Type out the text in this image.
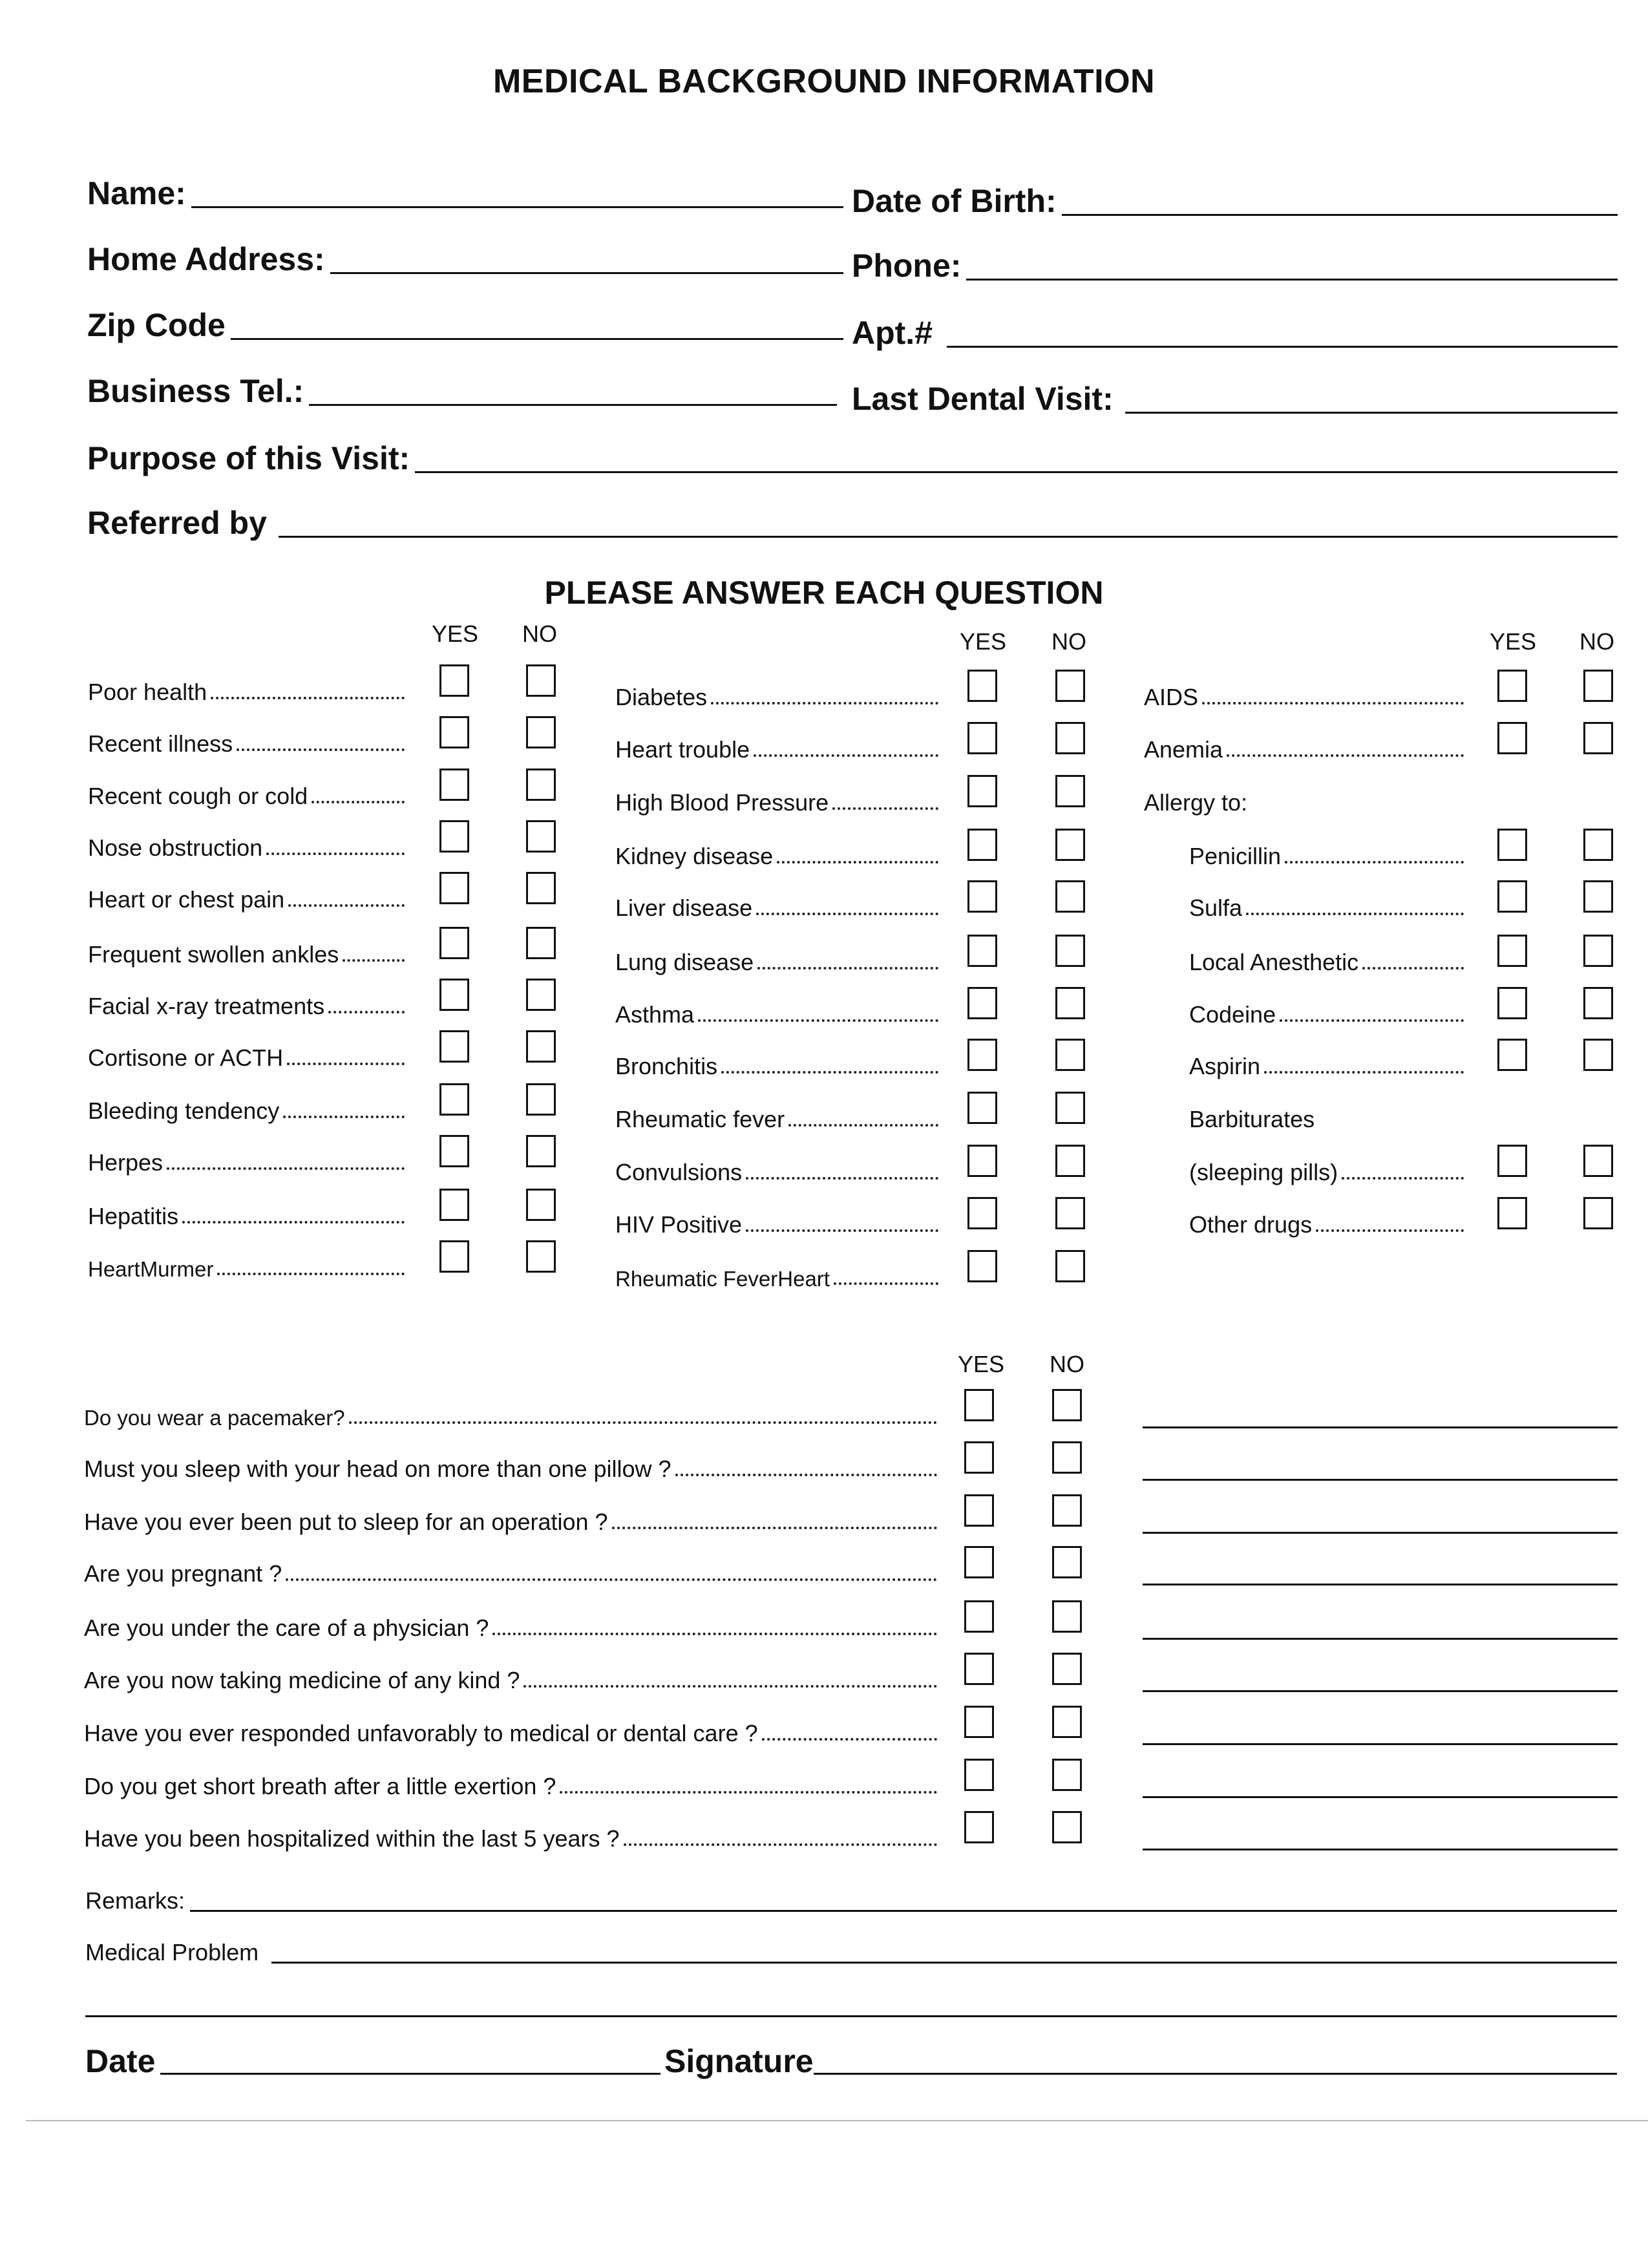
MEDICAL BACKGROUND INFORMATION
Name:	Date of Birth:
Home Address:	Phone:
Zip Code	Apt.#
Business Tel.:	Last Dental Visit:
Purpose of this Visit:
Referred by
PLEASE ANSWER EACH QUESTION
YES NO
Poor health
Recent illness
Recent cough or cold
Nose obstruction
Heart or chest pain
Frequent swollen ankles
Facial x-ray treatments
Cortisone or ACTH
Bleeding tendency
Herpes
Hepatitis
HeartMurmer
YES NO
Diabetes
Heart trouble
High Blood Pressure
Kidney disease
Liver disease
Lung disease
Asthma
Bronchitis
Rheumatic fever
Convulsions
HIV Positive
Rheumatic FeverHeart
YES NO
AIDS
Anemia
Allergy to:
Penicillin
Sulfa
Local Anesthetic
Codeine
Aspirin
Barbiturates
(sleeping pills)
Other drugs
YES NO
Do you wear a pacemaker?
Must you sleep with your head on more than one pillow ?
Have you ever been put to sleep for an operation ?
Are you pregnant ?
Are you under the care of a physician ?
Are you now taking medicine of any kind ?
Have you ever responded unfavorably to medical or dental care ?
Do you get short breath after a little exertion ?
Have you been hospitalized within the last 5 years ?
Remarks:
Medical Problem
Date	Signature
